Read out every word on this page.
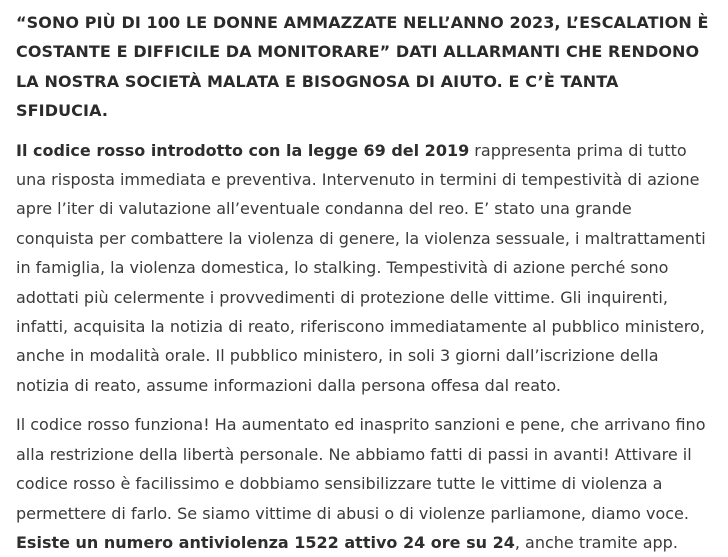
“SONO PIÙ DI 100 LE DONNE AMMAZZATE NELL’ANNO 2023, L’ESCALATION È COSTANTE E DIFFICILE DA MONITORARE” DATI ALLARMANTI CHE RENDONO LA NOSTRA SOCIETÀ MALATA E BISOGNOSA DI AIUTO. E C’È TANTA SFIDUCIA.

Il codice rosso introdotto con la legge 69 del 2019 rappresenta prima di tutto una risposta immediata e preventiva. Intervenuto in termini di tempestività di azione apre l’iter di valutazione all’eventuale condanna del reo. E’ stato una grande conquista per combattere la violenza di genere, la violenza sessuale, i maltrattamenti in famiglia, la violenza domestica, lo stalking. Tempestività di azione perché sono adottati più celermente i provvedimenti di protezione delle vittime. Gli inquirenti, infatti, acquisita la notizia di reato, riferiscono immediatamente al pubblico ministero, anche in modalità orale. Il pubblico ministero, in soli 3 giorni dall’iscrizione della notizia di reato, assume informazioni dalla persona offesa dal reato.

Il codice rosso funziona! Ha aumentato ed inasprito sanzioni e pene, che arrivano fino alla restrizione della libertà personale. Ne abbiamo fatti di passi in avanti! Attivare il codice rosso è facilissimo e dobbiamo sensibilizzare tutte le vittime di violenza a permettere di farlo. Se siamo vittime di abusi o di violenze parliamone, diamo voce. Esiste un numero antiviolenza 1522 attivo 24 ore su 24, anche tramite app.
